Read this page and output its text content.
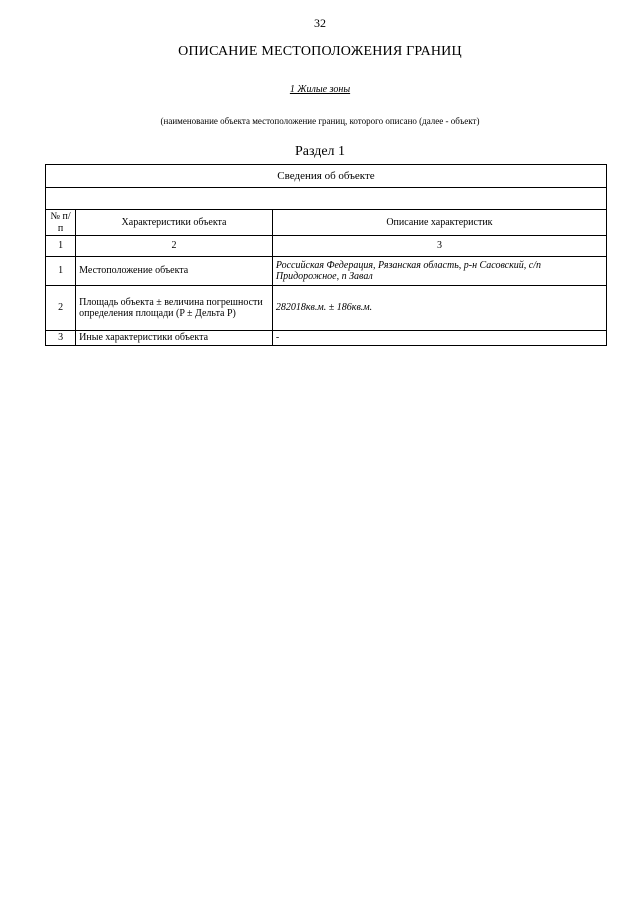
32
ОПИСАНИЕ МЕСТОПОЛОЖЕНИЯ ГРАНИЦ
1 Жилые зоны
(наименование объекта местоположение границ, которого описано (далее - объект)
Раздел 1
Сведения об объекте		

№ п/п	Характеристики объекта	Описание характеристик
1	2	3
1	Местоположение объекта	Российская Федерация, Рязанская область, р-н Сасовский, с/п Придорожное, п Завал
2	Площадь объекта ± величина погрешности определения площади (P ± Дельта P)	282018кв.м. ± 186кв.м.
3	Иные характеристики объекта	-
